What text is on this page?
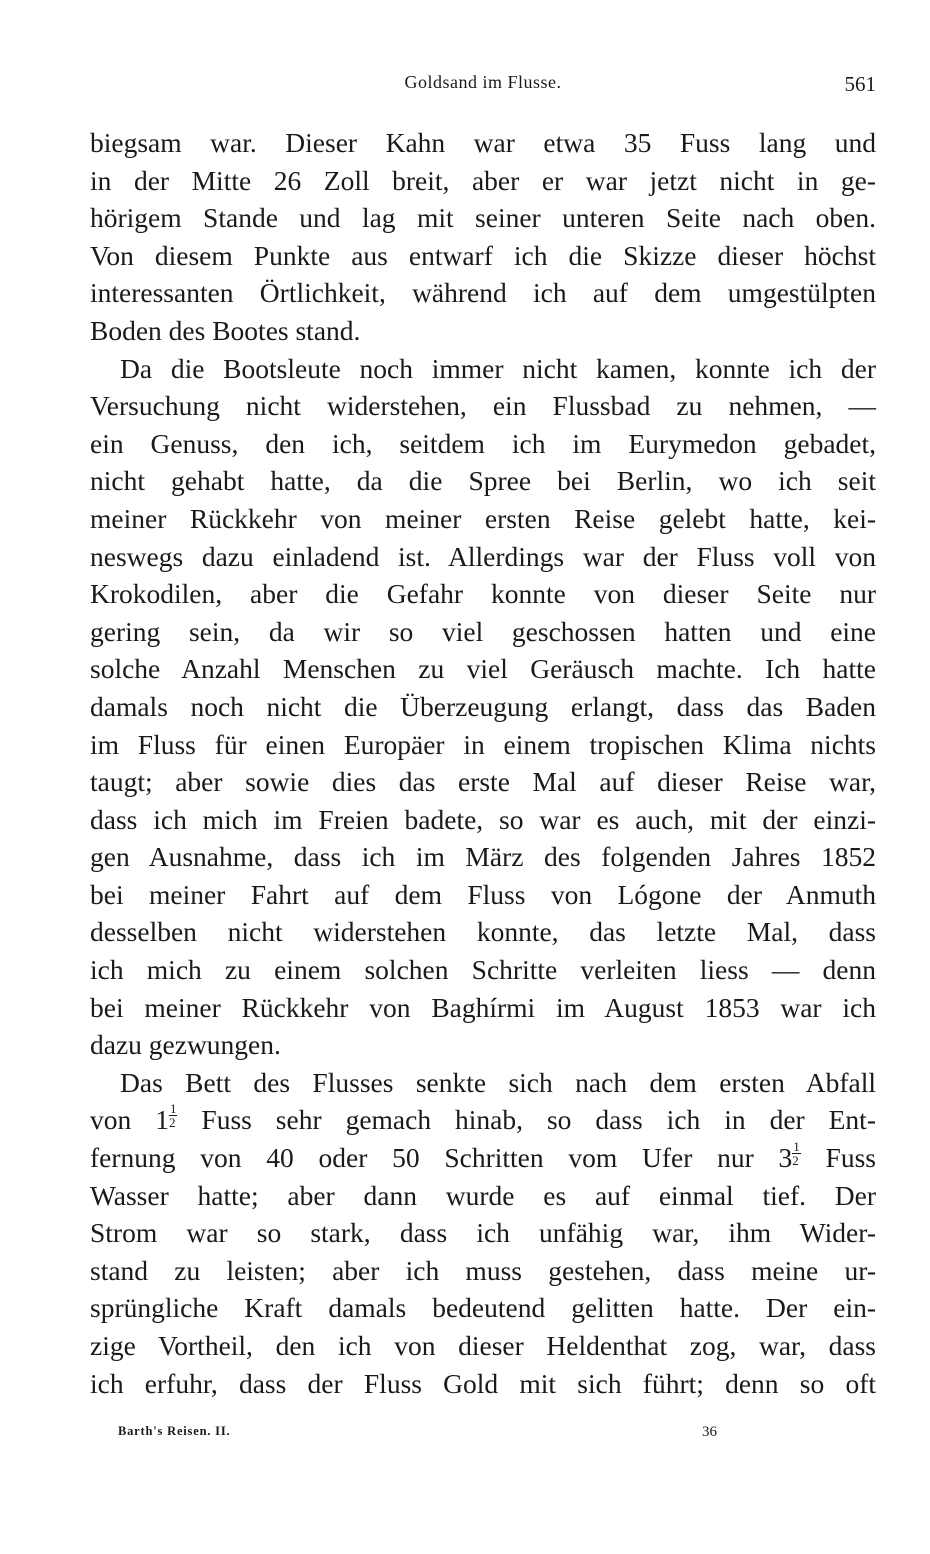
Goldsand im Flusse.	561
biegsam war. Dieser Kahn war etwa 35 Fuss lang und
in der Mitte 26 Zoll breit, aber er war jetzt nicht in ge-
hörigem Stande und lag mit seiner unteren Seite nach oben.
Von diesem Punkte aus entwarf ich die Skizze dieser höchst
interessanten Örtlichkeit, während ich auf dem umgestülpten
Boden des Bootes stand.
Da die Bootsleute noch immer nicht kamen, konnte ich der
Versuchung nicht widerstehen, ein Flussbad zu nehmen, —
ein Genuss, den ich, seitdem ich im Eurymedon gebadet,
nicht gehabt hatte, da die Spree bei Berlin, wo ich seit
meiner Rückkehr von meiner ersten Reise gelebt hatte, kei-
neswegs dazu einladend ist. Allerdings war der Fluss voll von
Krokodilen, aber die Gefahr konnte von dieser Seite nur
gering sein, da wir so viel geschossen hatten und eine
solche Anzahl Menschen zu viel Geräusch machte. Ich hatte
damals noch nicht die Überzeugung erlangt, dass das Baden
im Fluss für einen Europäer in einem tropischen Klima nichts
taugt; aber sowie dies das erste Mal auf dieser Reise war,
dass ich mich im Freien badete, so war es auch, mit der einzi-
gen Ausnahme, dass ich im März des folgenden Jahres 1852
bei meiner Fahrt auf dem Fluss von Lógone der Anmuth
desselben nicht widerstehen konnte, das letzte Mal, dass
ich mich zu einem solchen Schritte verleiten liess — denn
bei meiner Rückkehr von Baghírmi im August 1853 war ich
dazu gezwungen.
Das Bett des Flusses senkte sich nach dem ersten Abfall
von $1 \frac{1}{2}$ Fuss sehr gemach hinab, so dass ich in der Ent-
fernung von 40 oder 50 Schritten vom Ufer nur $3 \frac{1}{2}$ Fuss
Wasser hatte; aber dann wurde es auf einmal tief. Der
Strom war so stark, dass ich unfähig war, ihm Wider-
stand zu leisten; aber ich muss gestehen, dass meine ur-
sprüngliche Kraft damals bedeutend gelitten hatte. Der ein-
zige Vortheil, den ich von dieser Heldenthat zog, war, dass
ich erfuhr, dass der Fluss Gold mit sich führt; denn so oft
Barth's Reisen. II.	36
